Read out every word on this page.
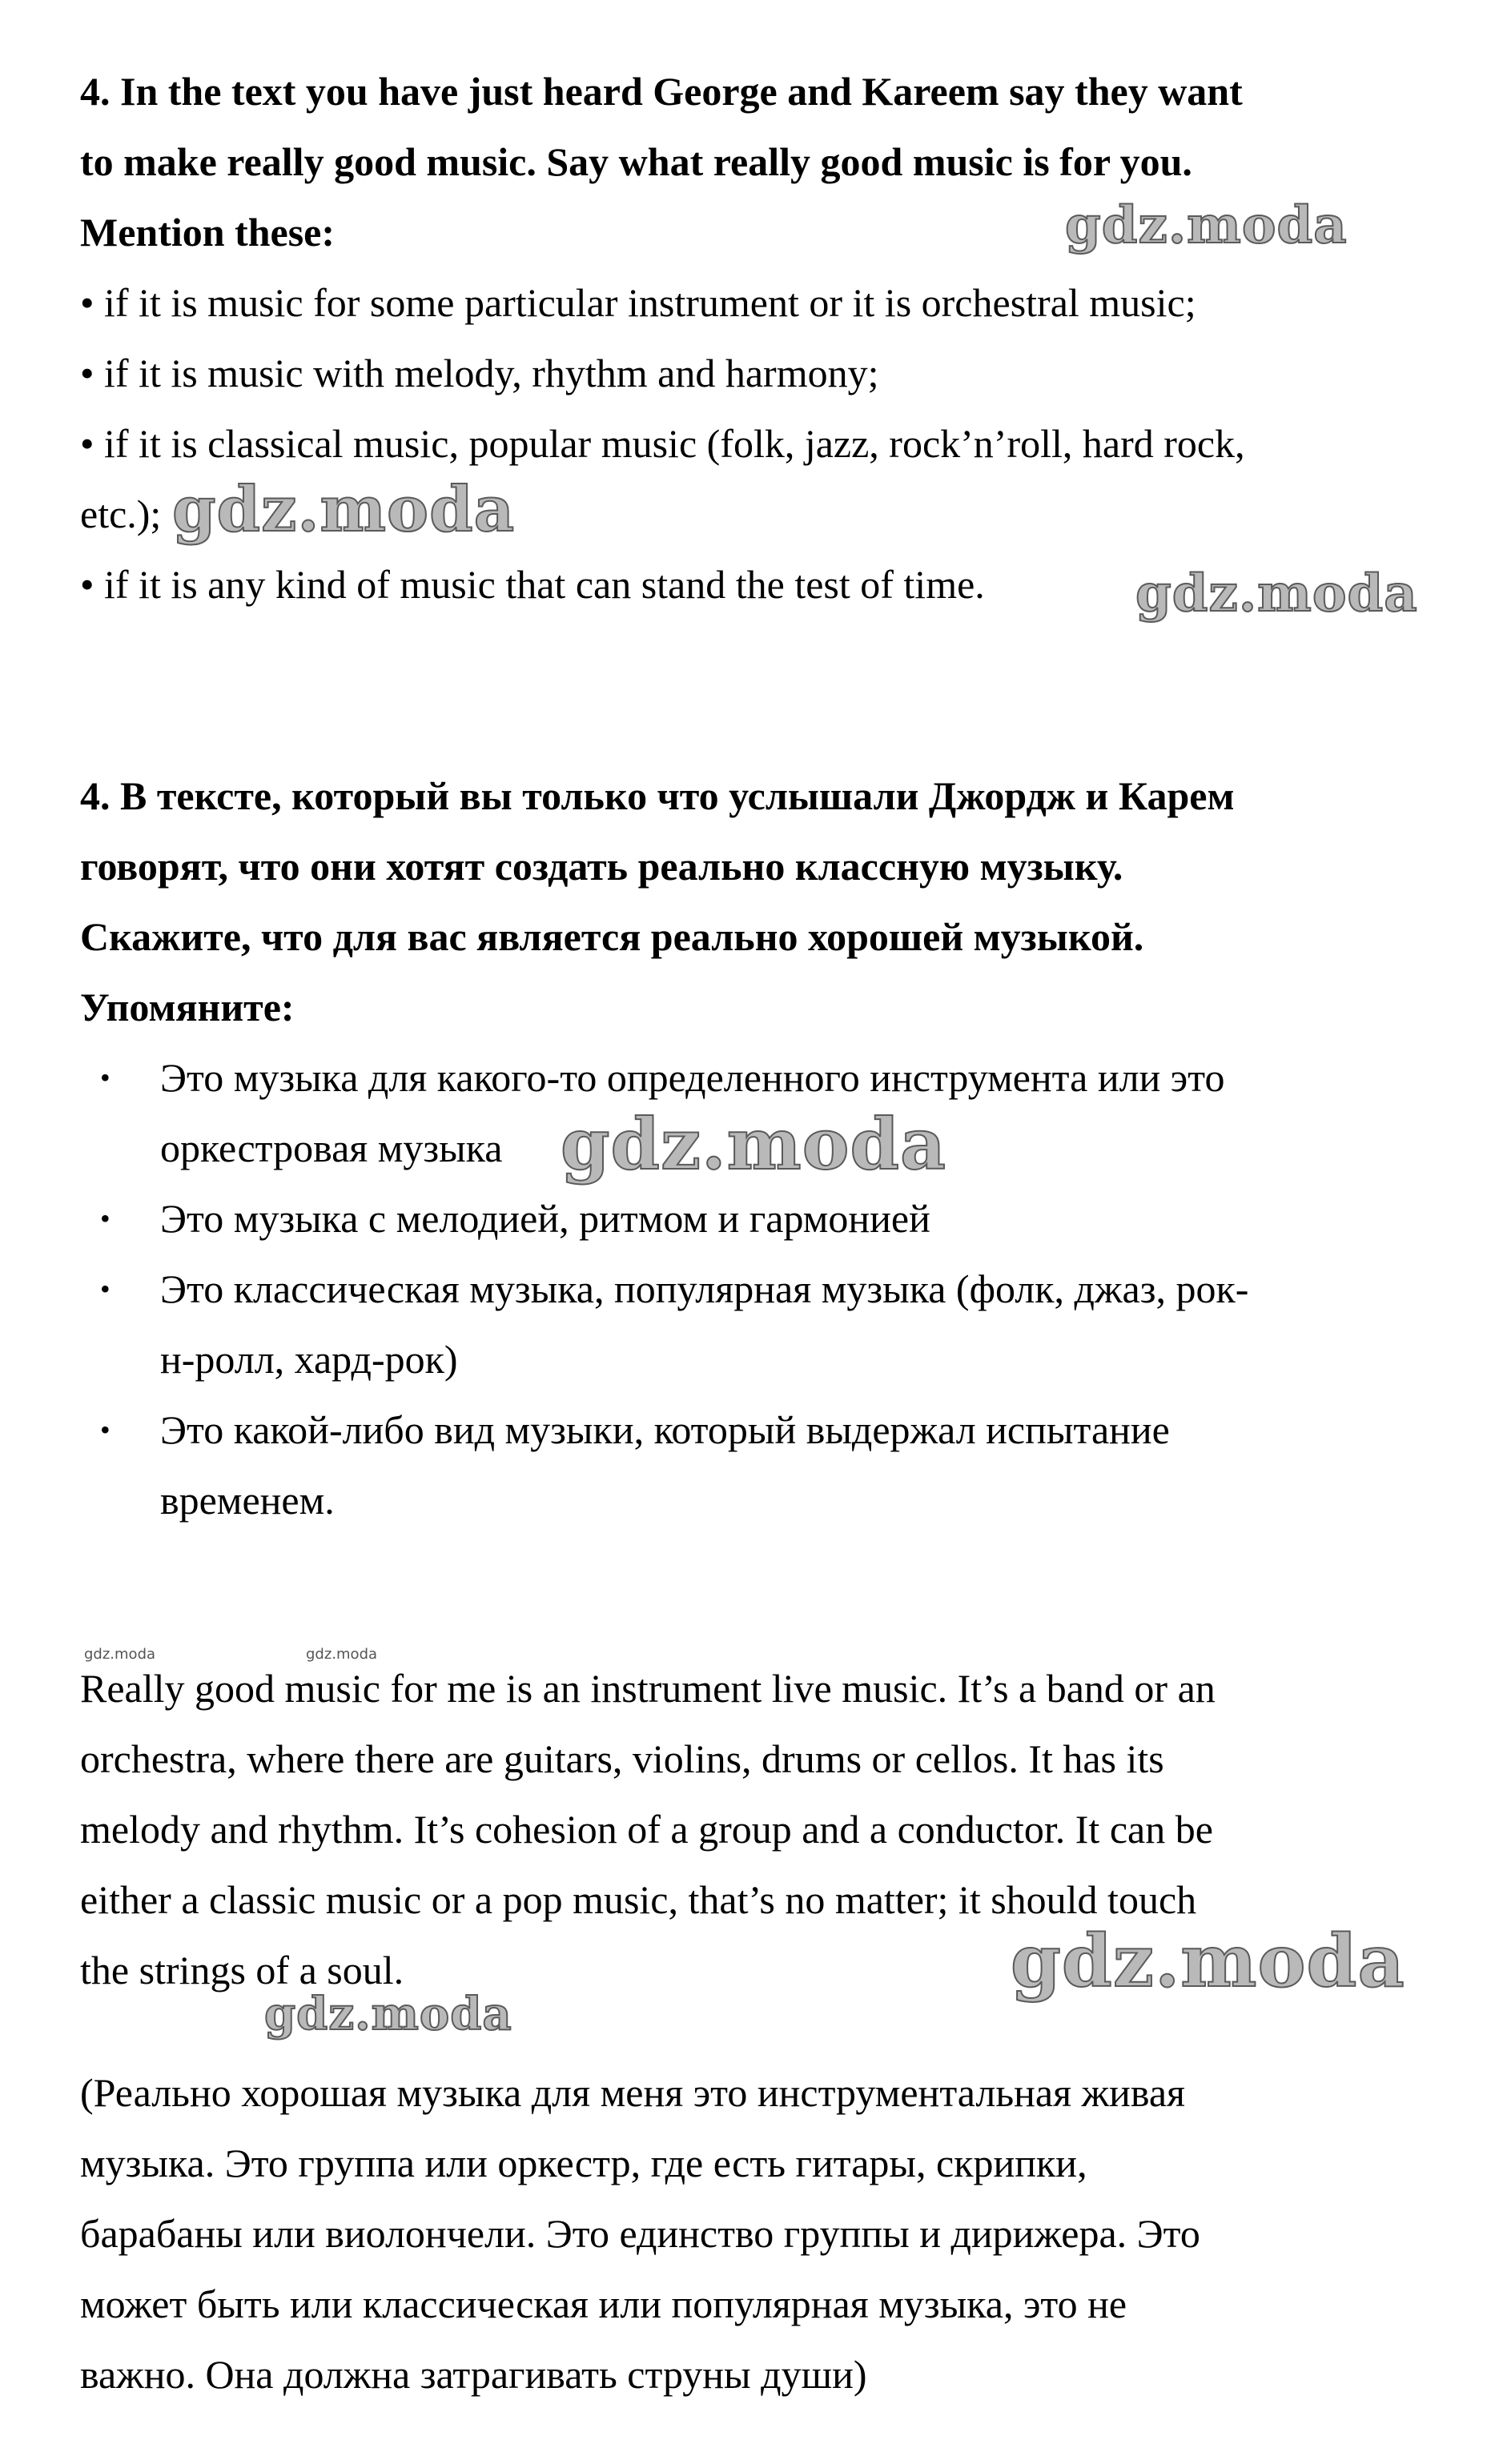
4. In the text you have just heard George and Kareem say they want
to make really good music. Say what really good music is for you.
Mention these:
• if it is music for some particular instrument or it is orchestral music;
• if it is music with melody, rhythm and harmony;
• if it is classical music, popular music (folk, jazz, rock’n’roll, hard rock,
etc.);
• if it is any kind of music that can stand the test of time.
4. В тексте, который вы только что услышали Джордж и Карем
говорят, что они хотят создать реально классную музыку.
Скажите, что для вас является реально хорошей музыкой.
Упомяните:
• Это музыка для какого-то определенного инструмента или это
оркестровая музыка
• Это музыка с мелодией, ритмом и гармонией
• Это классическая музыка, популярная музыка (фолк, джаз, рок-
н-ролл, хард-рок)
• Это какой-либо вид музыки, который выдержал испытание
временем.
Really good music for me is an instrument live music. It’s a band or an
orchestra, where there are guitars, violins, drums or cellos. It has its
melody and rhythm. It’s cohesion of a group and a conductor. It can be
either a classic music or a pop music, that’s no matter; it should touch
the strings of a soul.
(Реально хорошая музыка для меня это инструментальная живая
музыка. Это группа или оркестр, где есть гитары, скрипки,
барабаны или виолончели. Это единство группы и дирижера. Это
может быть или классическая или популярная музыка, это не
важно. Она должна затрагивать струны души)
gdz.moda
gdz.moda
gdz.moda
gdz.moda
gdz.moda	gdz.moda
gdz.moda
gdz.moda
